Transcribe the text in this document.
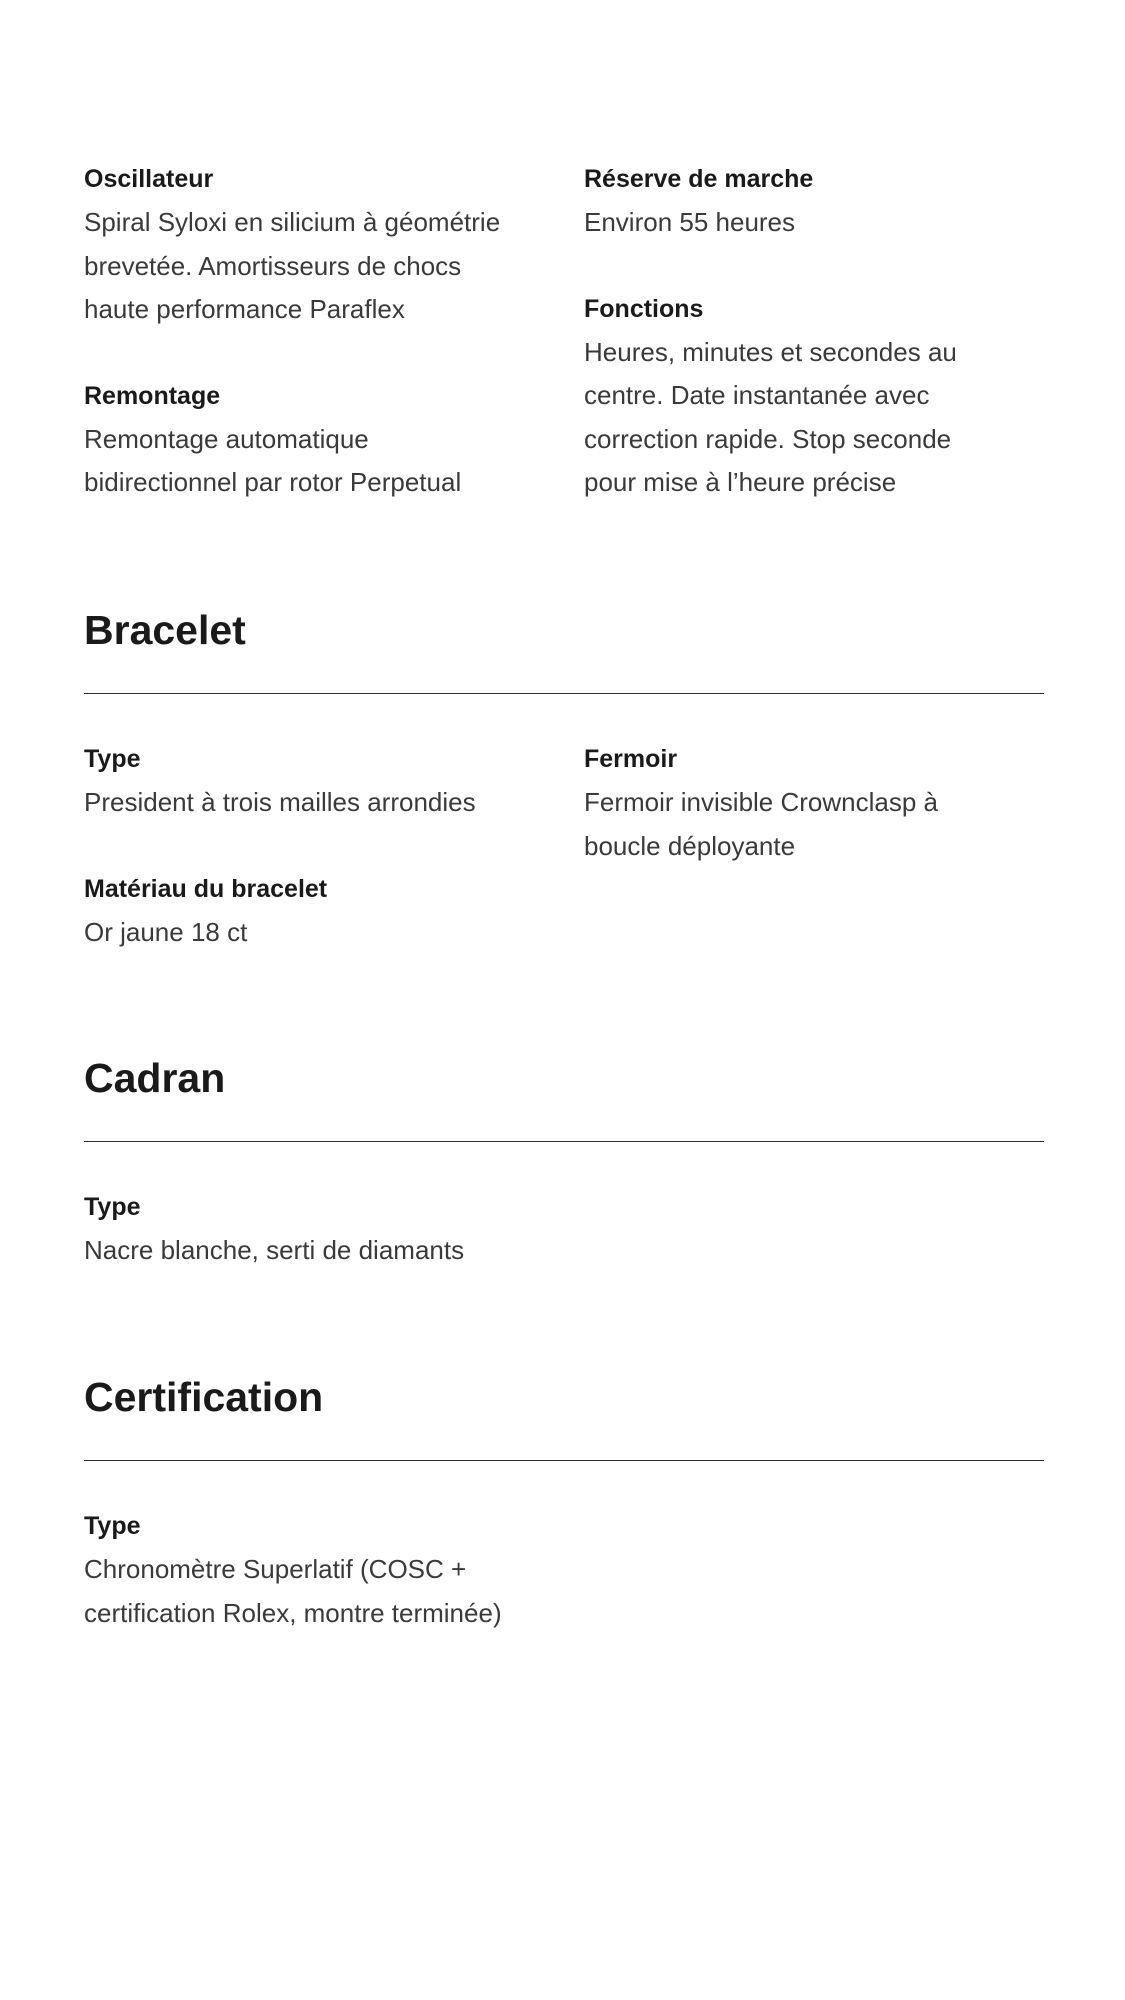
Oscillateur

Spiral Syloxi en silicium à géométrie brevetée. Amortisseurs de chocs haute performance Paraflex

Remontage

Remontage automatique bidirectionnel par rotor Perpetual

Réserve de marche

Environ 55 heures

Fonctions

Heures, minutes et secondes au centre. Date instantanée avec correction rapide. Stop seconde pour mise à l’heure précise

Bracelet

Type

President à trois mailles arrondies

Matériau du bracelet

Or jaune 18 ct

Fermoir

Fermoir invisible Crownclasp à boucle déployante

Cadran

Type

Nacre blanche, serti de diamants

Certification

Type

Chronomètre Superlatif (COSC + certification Rolex, montre terminée)
